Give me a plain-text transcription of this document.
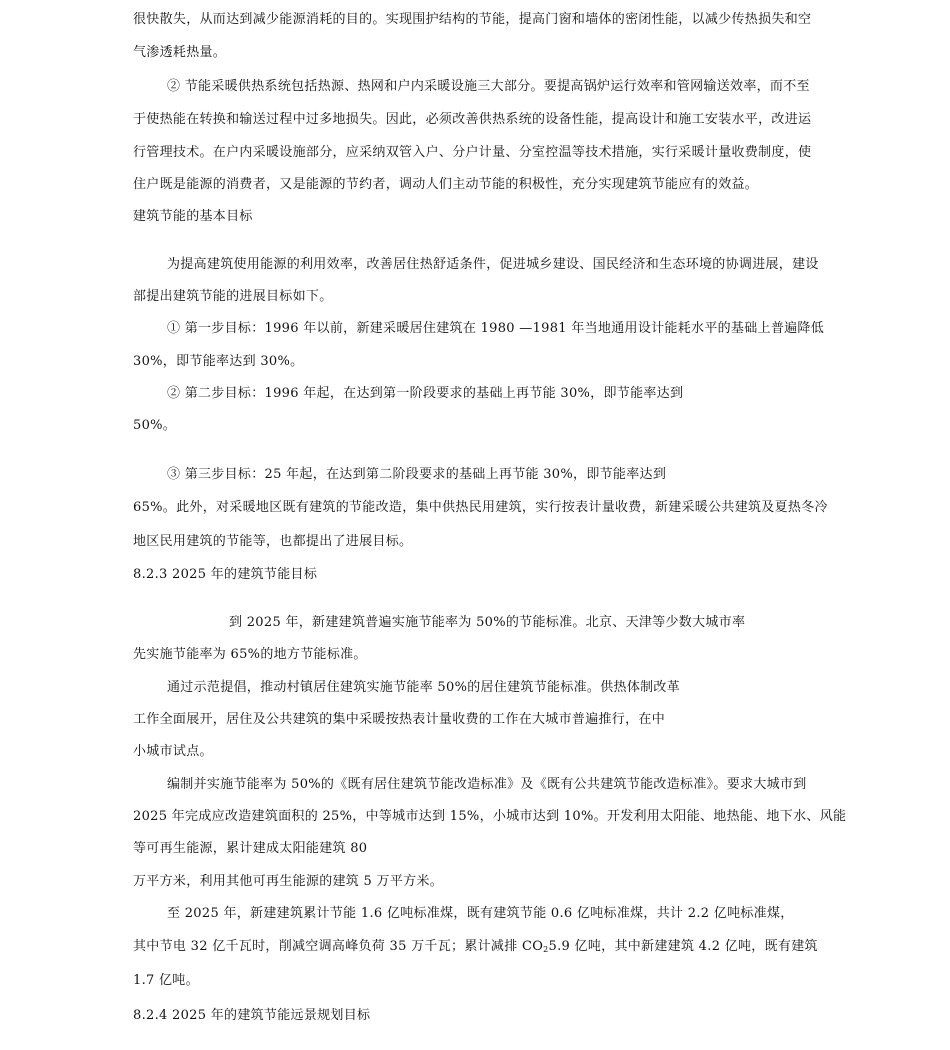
很快散失，从而达到减少能源消耗的目的。实现围护结构的节能，提高门窗和墙体的密闭性能，以减少传热损失和空
气渗透耗热量。
② 节能采暖供热系统包括热源、热网和户内采暖设施三大部分。要提高锅炉运行效率和管网输送效率，而不至
于使热能在转换和输送过程中过多地损失。因此，必须改善供热系统的设备性能，提高设计和施工安装水平，改进运
行管理技术。在户内采暖设施部分，应采纳双管入户、分户计量、分室控温等技术措施，实行采暖计量收费制度，使
住户既是能源的消费者，又是能源的节约者，调动人们主动节能的积极性，充分实现建筑节能应有的效益。
建筑节能的基本目标
为提高建筑使用能源的利用效率，改善居住热舒适条件，促进城乡建设、国民经济和生态环境的协调进展，建设
部提出建筑节能的进展目标如下。
① 第一步目标：1996 年以前，新建采暖居住建筑在 1980 —1981 年当地通用设计能耗水平的基础上普遍降低
30%，即节能率达到 30%。
② 第二步目标：1996 年起，在达到第一阶段要求的基础上再节能 30%，即节能率达到
50%。
③ 第三步目标：25 年起，在达到第二阶段要求的基础上再节能 30%，即节能率达到
65%。此外，对采暖地区既有建筑的节能改造，集中供热民用建筑，实行按表计量收费，新建采暖公共建筑及夏热冬冷
地区民用建筑的节能等，也都提出了进展目标。
8.2.3 2025 年的建筑节能目标
到 2025 年，新建建筑普遍实施节能率为 50%的节能标准。北京、天津等少数大城市率
先实施节能率为 65%的地方节能标准。
通过示范提倡，推动村镇居住建筑实施节能率 50%的居住建筑节能标准。供热体制改革
工作全面展开，居住及公共建筑的集中采暖按热表计量收费的工作在大城市普遍推行，在中
小城市试点。
编制并实施节能率为 50%的《既有居住建筑节能改造标准》及《既有公共建筑节能改造标准》。要求大城市到
2025 年完成应改造建筑面积的 25%，中等城市达到 15%，小城市达到 10%。开发利用太阳能、地热能、地下水、风能
等可再生能源，累计建成太阳能建筑 80
万平方米，利用其他可再生能源的建筑 5 万平方米。
至 2025 年，新建建筑累计节能 1.6 亿吨标准煤，既有建筑节能 0.6 亿吨标准煤，共计 2.2 亿吨标准煤，
其中节电 32 亿千瓦时，削减空调高峰负荷 35 万千瓦；累计减排 $CO_25.9$ 亿吨，其中新建建筑 4.2 亿吨，既有建筑
1.7 亿吨。
8.2.4 2025 年的建筑节能远景规划目标
